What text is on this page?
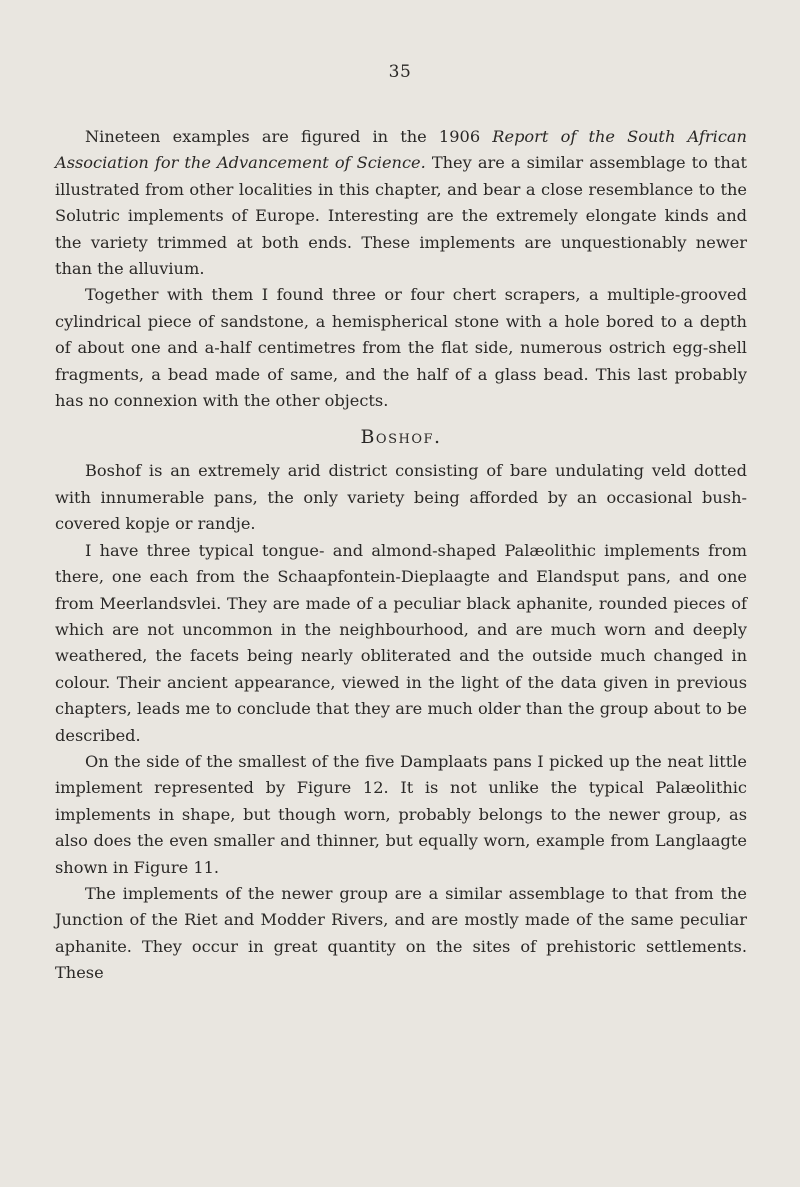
35

Nineteen examples are figured in the 1906 Report of the South African Association for the Advancement of Science. They are a similar assemblage to that illustrated from other localities in this chapter, and bear a close resemblance to the Solutric implements of Europe. Interesting are the extremely elongate kinds and the variety trimmed at both ends. These implements are unquestionably newer than the alluvium.

Together with them I found three or four chert scrapers, a multiple-grooved cylindrical piece of sandstone, a hemispherical stone with a hole bored to a depth of about one and a-half centimetres from the flat side, numerous ostrich egg-shell fragments, a bead made of same, and the half of a glass bead. This last probably has no connexion with the other objects.

Boshof.

Boshof is an extremely arid district consisting of bare undulating veld dotted with innumerable pans, the only variety being afforded by an occasional bush-covered kopje or randje.

I have three typical tongue- and almond-shaped Palæolithic implements from there, one each from the Schaapfontein-Dieplaagte and Elandsput pans, and one from Meerlandsvlei. They are made of a peculiar black aphanite, rounded pieces of which are not uncommon in the neighbourhood, and are much worn and deeply weathered, the facets being nearly obliterated and the outside much changed in colour. Their ancient appearance, viewed in the light of the data given in previous chapters, leads me to conclude that they are much older than the group about to be described.

On the side of the smallest of the five Damplaats pans I picked up the neat little implement represented by Figure 12. It is not unlike the typical Palæolithic implements in shape, but though worn, probably belongs to the newer group, as also does the even smaller and thinner, but equally worn, example from Langlaagte shown in Figure 11.

The implements of the newer group are a similar assemblage to that from the Junction of the Riet and Modder Rivers, and are mostly made of the same peculiar aphanite. They occur in great quantity on the sites of prehistoric settlements. These
